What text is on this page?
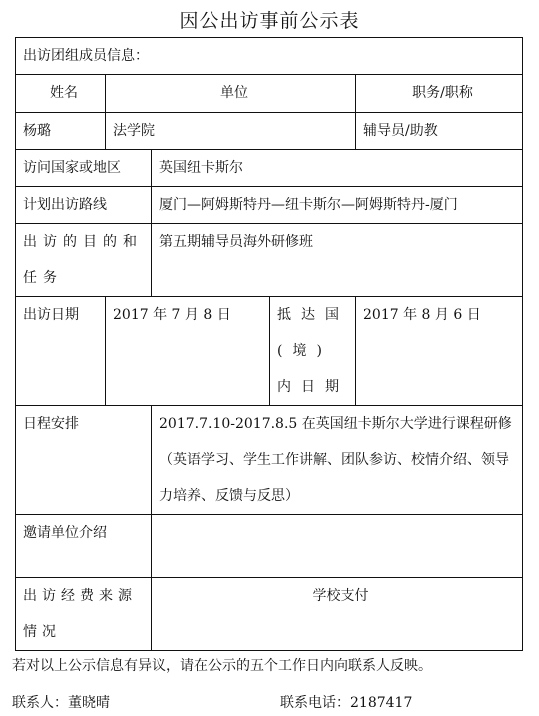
因公出访事前公示表
出访团组成员信息：				
姓名	单位			职务/职称
杨璐	法学院			辅导员/助教
访问国家或地区		英国纽卡斯尔		
计划出访路线		厦门—阿姆斯特丹—纽卡斯尔—阿姆斯特丹-厦门		
出访的目的和任务		第五期辅导员海外研修班		
出访日期	2017 年 7 月 8 日		抵达国(境)内日期	2017 年 8 月 6 日
日程安排		2017.7.10-2017.8.5 在英国纽卡斯尔大学进行课程研修（英语学习、学生工作讲解、团队参访、校情介绍、领导力培养、反馈与反思）		
邀请单位介绍				
出访经费来源情况		学校支付		
若对以上公示信息有异议，请在公示的五个工作日内向联系人反映。
联系人：董晓晴	联系电话：2187417
